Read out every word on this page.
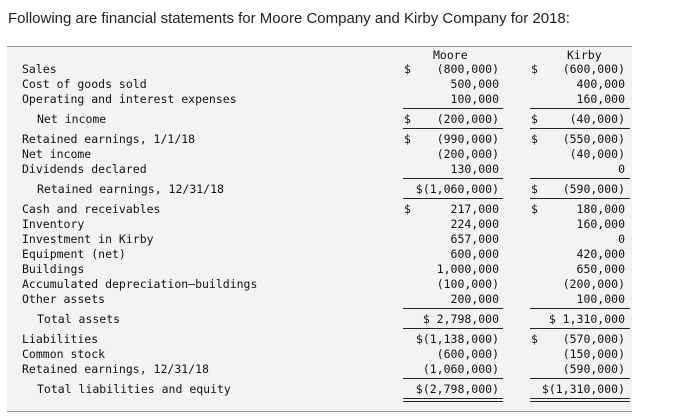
Following are financial statements for Moore Company and Kirby Company for 2018:
Moore	Kirby
Sales	$ (800,000)	$ (600,000)
Cost of goods sold	500,000	400,000
Operating and interest expenses	100,000	160,000
Net income	$ (200,000)	$	(40,000)
Retained earnings, 1/1/18	$ (990,000)	$ (550,000)
Net income	(200,000)	(40,000)
Dividends declared	130,000	0
Retained earnings, 12/31/18	$(1,060,000)	$ (590,000)
Cash and receivables	$	217,000	$	180,000
Inventory	224,000	160,000
Investment in Kirby	657,000	0
Equipment (net)	600,000	420,000
Buildings	1,000,000	650,000
Accumulated depreciation—buildings	(100,000)	(200,000)
Other assets	200,000	100,000
Total assets	$ 2,798,000	$ 1,310,000
Liabilities	$(1,138,000)	$ (570,000)
Common stock	(600,000)	(150,000)
Retained earnings, 12/31/18	(1,060,000)	(590,000)
Total liabilities and equity	$(2,798,000)	$(1,310,000)
